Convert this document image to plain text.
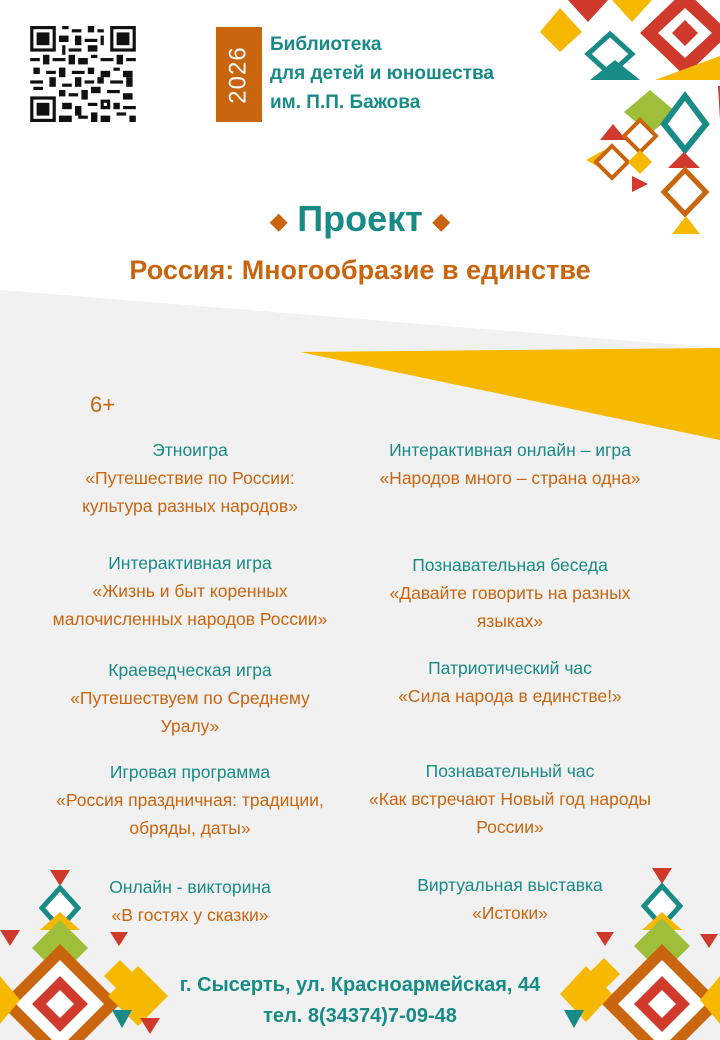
2026
Библиотека
для детей и юношества
им. П.П. Бажова
◆ Проект ◆
Россия: Многообразие в единстве
6+
Этноигра
«Путешествие по России: культура разных народов»
Интерактивная игра
«Жизнь и быт коренных малочисленных народов России»
Краеведческая игра
«Путешествуем по Среднему Уралу»
Игровая программа
«Россия праздничная: традиции, обряды, даты»
Онлайн - викторина
«В гостях у сказки»
Интерактивная онлайн – игра
«Народов много – страна одна»
Познавательная беседа
«Давайте говорить на разных языках»
Патриотический час
«Сила народа в единстве!»
Познавательный час
«Как встречают Новый год народы России»
Виртуальная выставка
«Истоки»
г. Сысерть, ул. Красноармейская, 44
тел. 8(34374)7-09-48
